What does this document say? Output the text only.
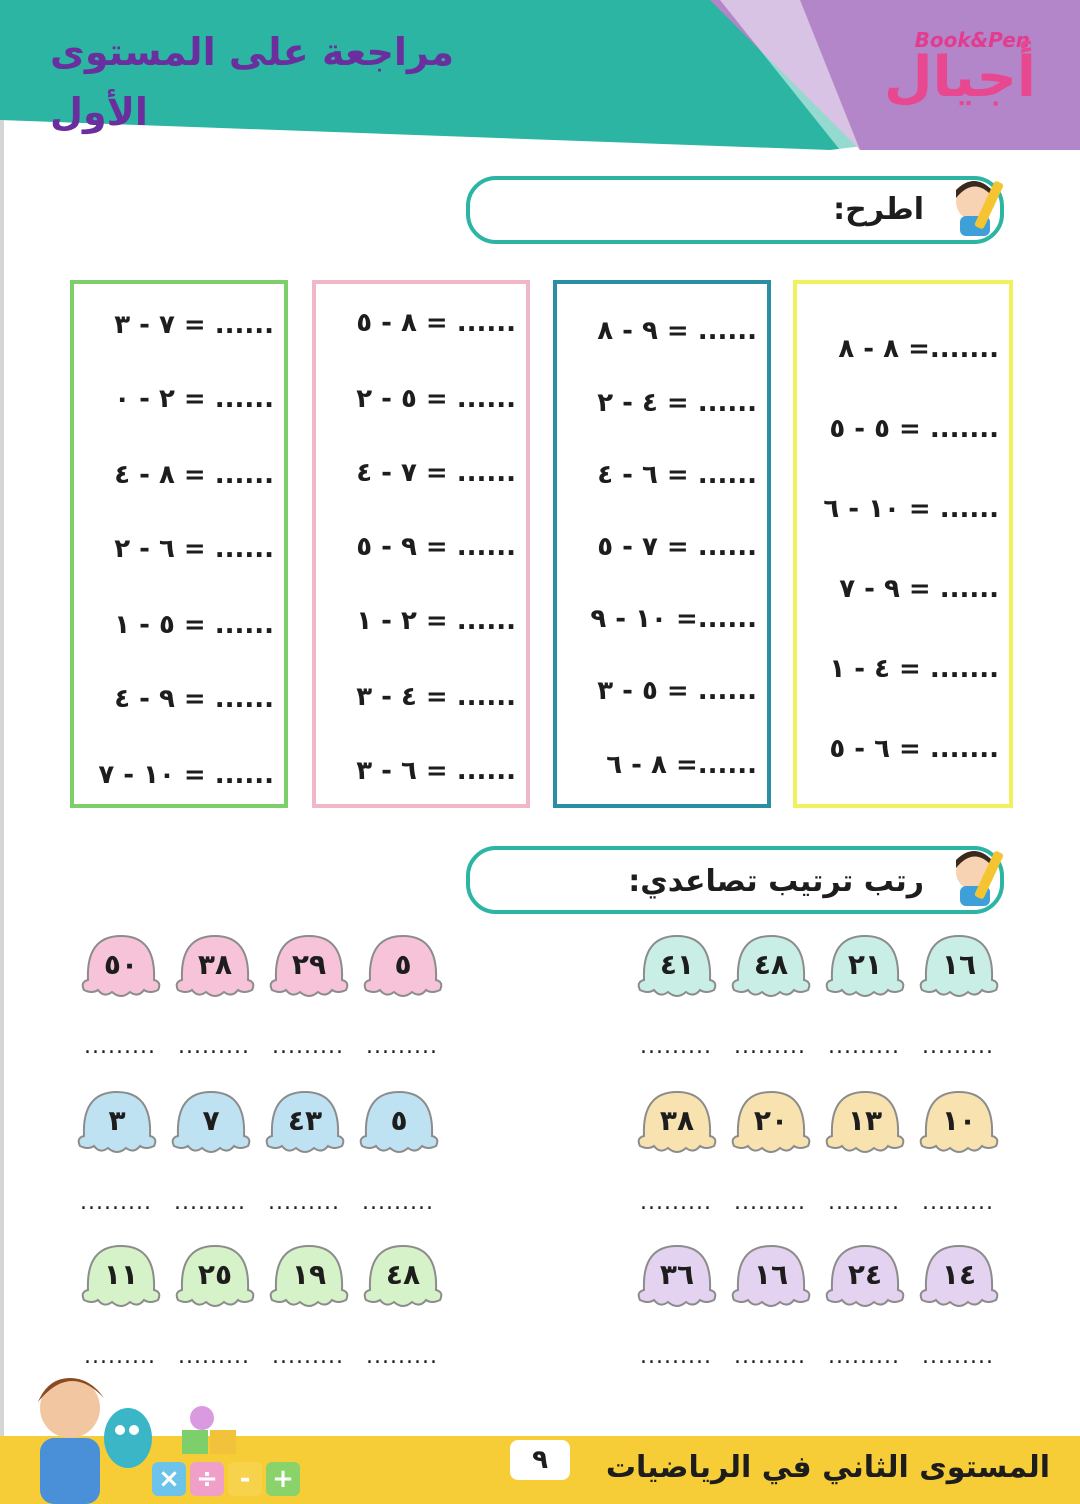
مراجعة على المستوى الأول
Book&Pen
أجيال
اطرح:
٨ - ٨ =.......
٥ - ٥ = .......
١٠ - ٦ = ......
٩ - ٧ = ......
٤ - ١ = .......
٦ - ٥ = .......
٩ - ٨ = ......
٤ - ٢ = ......
٦ - ٤ = ......
٧ - ٥ = ......
١٠ - ٩ =......
٥ - ٣ = ......
٨ - ٦ =......
٨ - ٥ = ......
٥ - ٢ = ......
٧ - ٤ = ......
٩ - ٥ = ......
٢ - ١ = ......
٤ - ٣ = ......
٦ - ٣ = ......
٧ - ٣ = ......
٢ - ٠ = ......
٨ - ٤ = ......
٦ - ٢ = ......
٥ - ١ = ......
٩ - ٤ = ......
١٠ - ٧ = ......
رتب ترتيب تصاعدي:
١٦
.........
٢١
.........
٤٨
.........
٤١
.........
١٠
.........
١٣
.........
٢٠
.........
٣٨
.........
١٤
.........
٢٤
.........
١٦
.........
٣٦
.........
٥
.........
٢٩
.........
٣٨
.........
٥٠
.........
٥
.........
٤٣
.........
٧
.........
٣
.........
٤٨
.........
١٩
.........
٢٥
.........
١١
.........
المستوى الثاني في الرياضيات
٩
× ÷ - +
